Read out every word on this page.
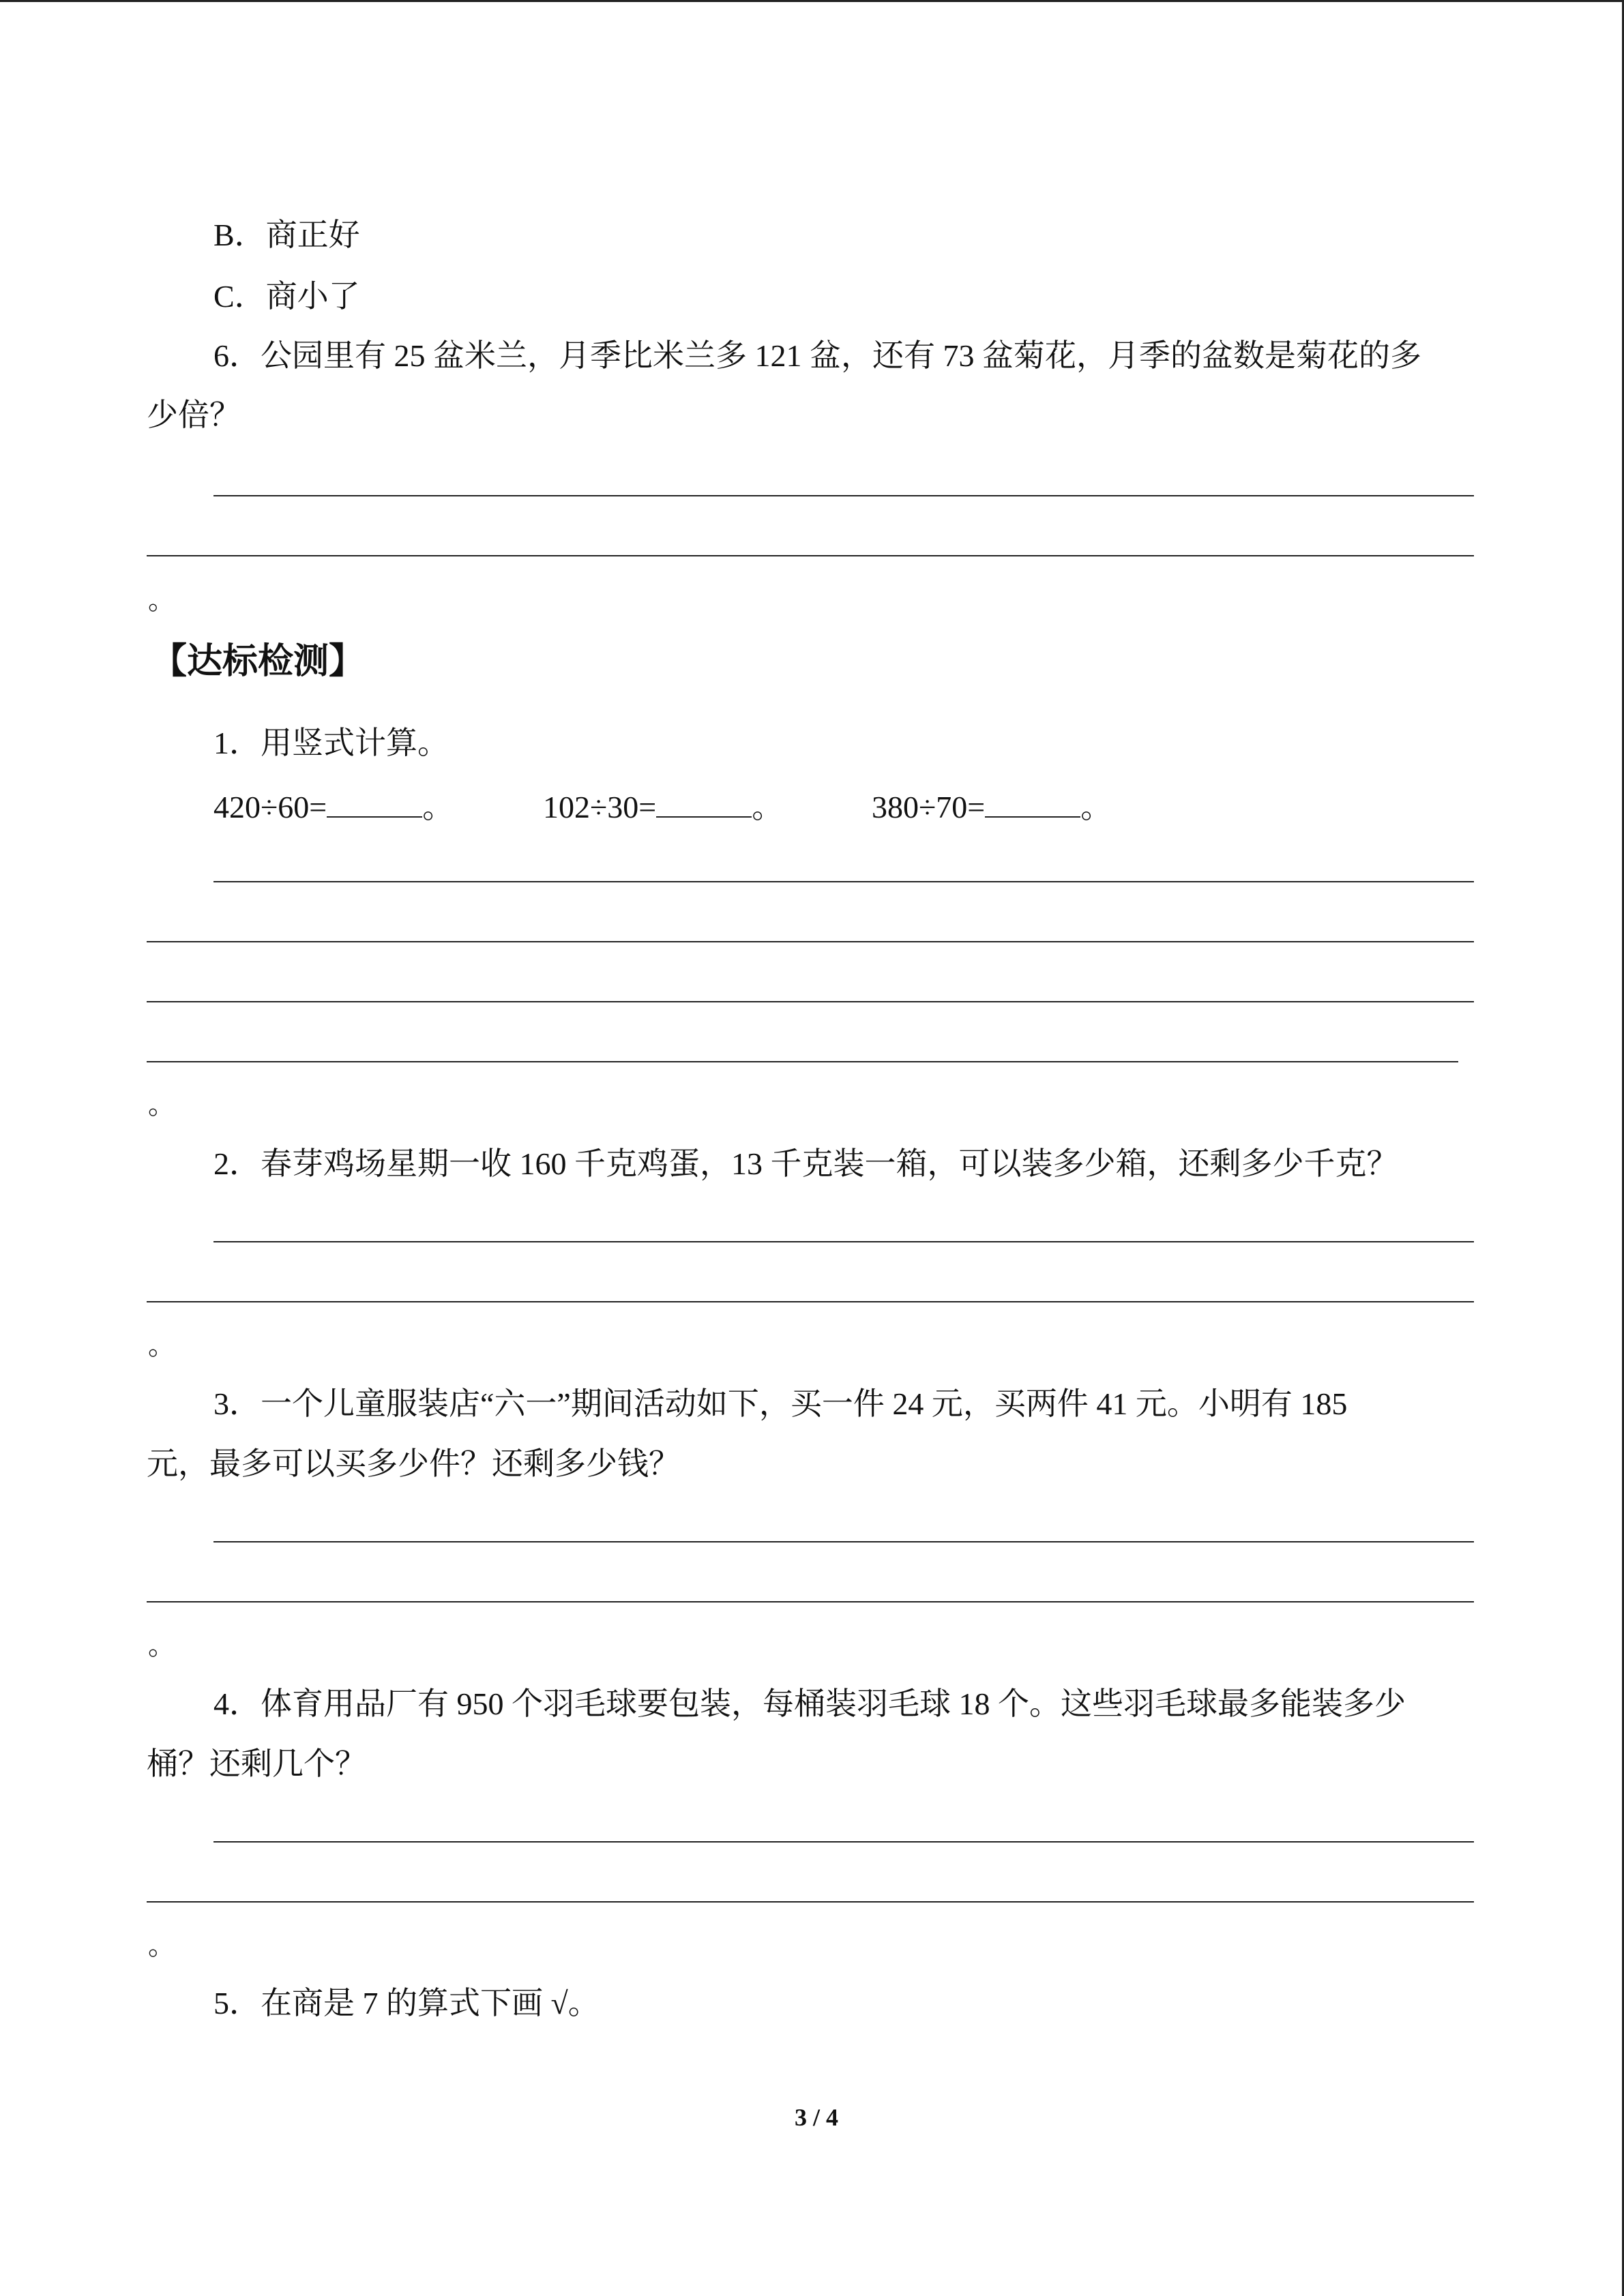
B．商正好
C．商小了
6．公园里有 25 盆米兰，月季比米兰多 121 盆，还有 73 盆菊花，月季的盆数是菊花的多
少倍？
。
【达标检测】
1．用竖式计算。
420÷60=	。	102÷30=	。	380÷70=	。
。
2．春芽鸡场星期一收 160 千克鸡蛋，13 千克装一箱，可以装多少箱，还剩多少千克？
。
3．一个儿童服装店“六一”期间活动如下，买一件 24 元，买两件 41 元。小明有 185
元，最多可以买多少件？还剩多少钱？
。
4．体育用品厂有 950 个羽毛球要包装，每桶装羽毛球 18 个。这些羽毛球最多能装多少
桶？还剩几个？
。
5．在商是 7 的算式下画 √。
3 / 4
